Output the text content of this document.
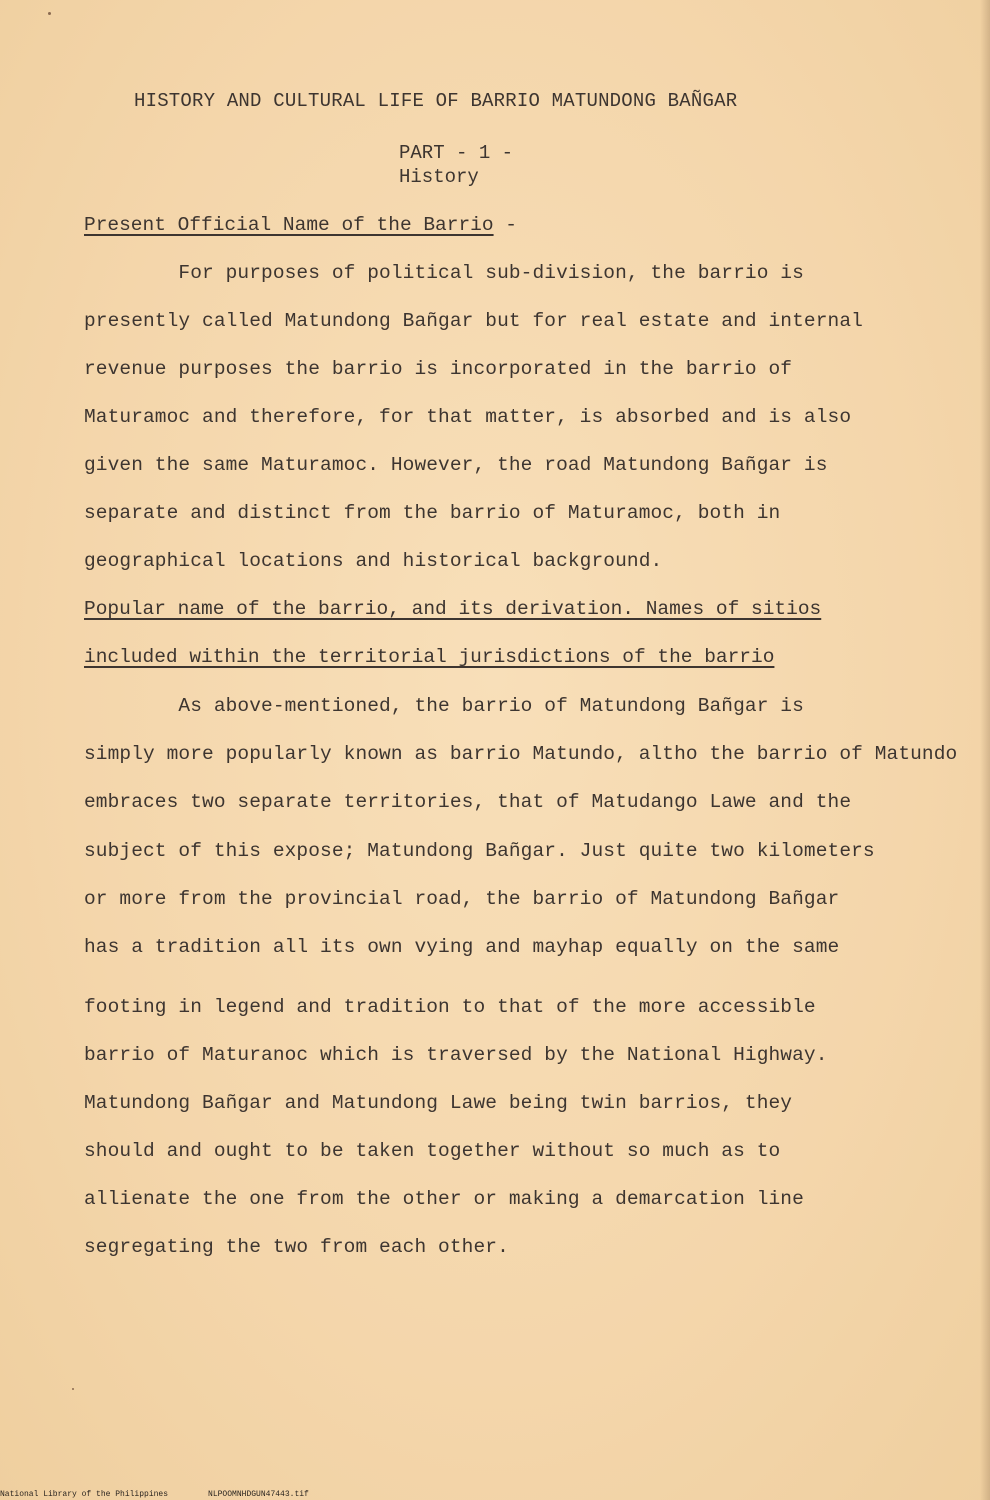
HISTORY AND CULTURAL LIFE OF BARRIO MATUNDONG BAÑGAR
PART - 1 -
History
Present Official Name of the Barrio -
For purposes of political sub-division, the barrio is
presently called Matundong Bañgar but for real estate and internal
revenue purposes the barrio is incorporated in the barrio of
Maturamoc and therefore, for that matter, is absorbed and is also
given the same Maturamoc. However, the road Matundong Bañgar is
separate and distinct from the barrio of Maturamoc, both in
geographical locations and historical background.
Popular name of the barrio, and its derivation. Names of sitios
included within the territorial jurisdictions of the barrio
As above-mentioned, the barrio of Matundong Bañgar is
simply more popularly known as barrio Matundo, altho the barrio of Matundo
embraces two separate territories, that of Matudango Lawe and the
subject of this expose; Matundong Bañgar. Just quite two kilometers
or more from the provincial road, the barrio of Matundong Bañgar
has a tradition all its own vying and mayhap equally on the same
footing in legend and tradition to that of the more accessible
barrio of Maturanoc which is traversed by the National Highway.
Matundong Bañgar and Matundong Lawe being twin barrios, they
should and ought to be taken together without so much as to
allienate the one from the other or making a demarcation line
segregating the two from each other.
National Library of the Philippines	NLPOOMNHDGUN47443.tif
